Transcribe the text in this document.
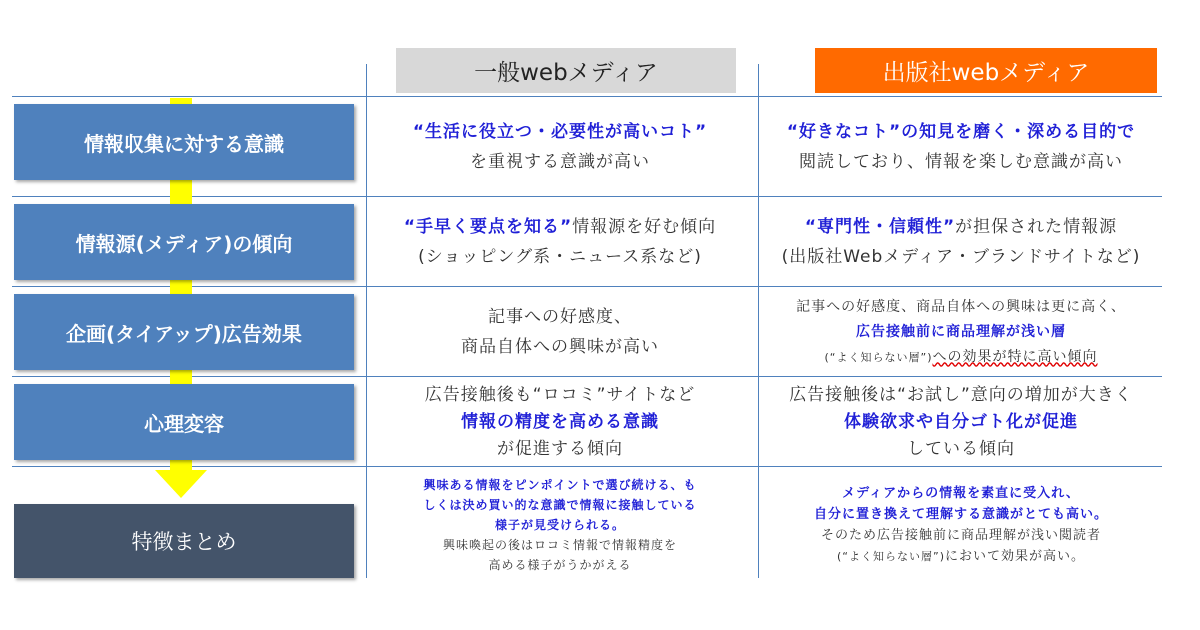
一般webメディア	出版社webメディア
情報収集に対する意識
情報源(メディア)の傾向
企画(タイアップ)広告効果
心理変容
特徴まとめ
“生活に役立つ・必要性が高いコト”
を重視する意識が高い
“好きなコト”の知見を磨く・深める目的で
閲読しており、情報を楽しむ意識が高い
“手早く要点を知る”情報源を好む傾向
(ショッピング系・ニュース系など)
“専門性・信頼性”が担保された情報源
(出版社Webメディア・ブランドサイトなど)
記事への好感度、
商品自体への興味が高い
記事への好感度、商品自体への興味は更に高く、
広告接触前に商品理解が浅い層
(“よく知らない層”)への効果が特に高い傾向
広告接触後も“ロコミ”サイトなど
情報の精度を高める意識
が促進する傾向
広告接触後は“お試し”意向の増加が大きく
体験欲求や自分ゴト化が促進
している傾向
興味ある情報をピンポイントで選び続ける、も
しくは決め買い的な意識で情報に接触している
様子が見受けられる。
興味喚起の後はロコミ情報で情報精度を
高める様子がうかがえる
メディアからの情報を素直に受入れ、
自分に置き換えて理解する意識がとても高い。
そのため広告接触前に商品理解が浅い閲読者
(“よく知らない層”)において効果が高い。
